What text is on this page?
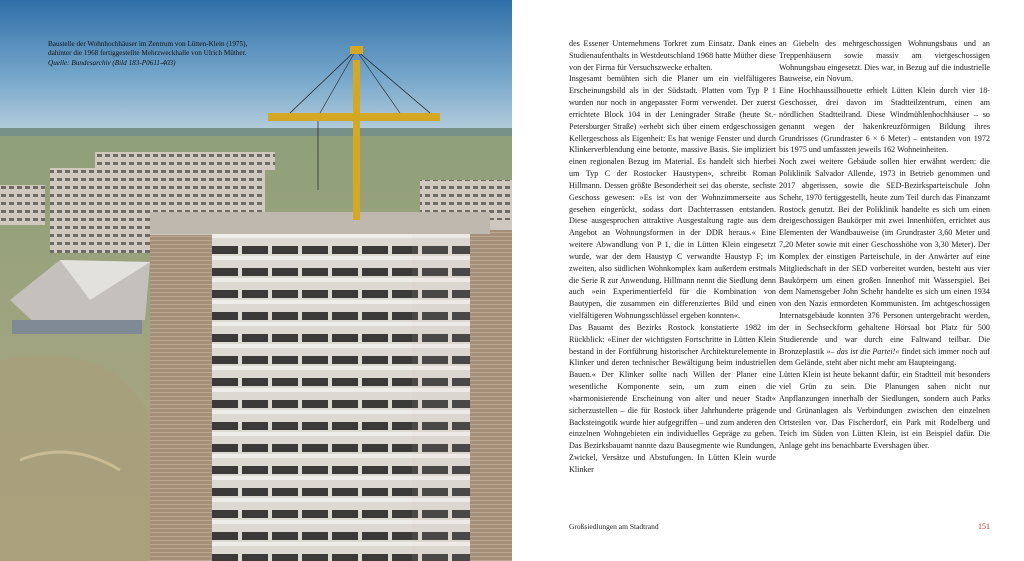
Baustelle der Wohnhochhäuser im Zentrum von Lütten-Klein (1975),
dahinter die 1968 fertiggestellte Mehrzweckhalle von Ulrich Müther.
Quelle: Bundesarchiv (Bild 183-P0611-403)

des Essener Unternehmens Torkret zum Einsatz. Dank eines Studienaufenthalts in Westdeutschland 1968 hatte Müther diese von der Firma für Versuchszwecke erhalten.

Insgesamt bemühten sich die Planer um ein vielfältigeres Erscheinungsbild als in der Südstadt. Platten vom Typ P 1 wurden nur noch in angepasster Form verwendet. Der zuerst errichtete Block 104 in der Leningrader Straße (heute St.-Petersburger Straße) »erhebt sich über einem erdgeschossigen Kellergeschoss als Eigenheit: Es hat wenige Fenster und durch Klinkerverblendung eine betonte, massive Basis. Sie impliziert einen regionalen Bezug im Material. Es handelt sich hierbei um Typ C der Rostocker Haustypen«, schreibt Roman Hillmann. Dessen größte Besonderheit sei das oberste, sechste Geschoss gewesen: »Es ist von der Wohnzimmerseite aus gesehen eingerückt, sodass dort Dachterrassen entstanden. Diese ausgesprochen attraktive Ausgestaltung ragte aus dem Angebot an Wohnungsformen in der DDR heraus.« Eine weitere Abwandlung von P 1, die in Lütten Klein eingesetzt wurde, war der dem Haustyp C verwandte Haustyp F; im zweiten, also südlichen Wohnkomplex kam außerdem erstmals die Serie R zur Anwendung. Hillmann nennt die Siedlung denn auch »ein Experimentierfeld für die Kombination von Bautypen, die zusammen ein differenziertes Bild und einen vielfältigeren Wohnungsschlüssel ergeben konnten«.

Das Bauamt des Bezirks Rostock konstatierte 1982 im Rückblick: »Einer der wichtigsten Fortschritte in Lütten Klein bestand in der Fortführung historischer Architekturelemente in Klinker und deren technischer Bewältigung beim industriellen Bauen.« Der Klinker sollte nach Willen der Planer eine wesentliche Komponente sein, um zum einen die »harmonisierende Erscheinung von alter und neuer Stadt« sicherzustellen – die für Rostock über Jahrhunderte prägende Backsteingotik wurde hier aufgegriffen – und zum anderen den einzelnen Wohngebieten ein individuelles Gepräge zu geben. Das Bezirksbauamt nannte dazu Bausegmente wie Rundungen, Zwickel, Versätze und Abstufungen. In Lütten Klein wurde Klinker

an Giebeln des mehrgeschossigen Wohnungsbaus und an Treppenhäusern sowie massiv am viergeschossigen Wohnungsbau eingesetzt. Dies war, in Bezug auf die industrielle Bauweise, ein Novum.

Eine Hochhaussilhouette erhielt Lütten Klein durch vier 18-Geschosser, drei davon im Stadtteilzentrum, einen am nördlichen Stadtteilrand. Diese Windmühlenhochhäuser – so genannt wegen der hakenkreuzförmigen Bildung ihres Grundrisses (Grundraster 6 × 6 Meter) – entstanden von 1972 bis 1975 und umfassten jeweils 162 Wohneinheiten.

Noch zwei weitere Gebäude sollen hier erwähnt werden: die Poliklinik Salvador Allende, 1973 in Betrieb genommen und 2017 abgerissen, sowie die SED-Bezirksparteischule John Schehr, 1970 fertiggestellt, heute zum Teil durch das Finanzamt Rostock genutzt. Bei der Poliklinik handelte es sich um einen dreigeschossigen Baukörper mit zwei Innenhöfen, errichtet aus Elementen der Wandbauweise (im Grundraster 3,60 Meter und 7,20 Meter sowie mit einer Geschosshöhe von 3,30 Meter). Der Komplex der einstigen Parteischule, in der Anwärter auf eine Mitgliedschaft in der SED vorbereitet wurden, besteht aus vier Baukörpern um einen großen Innenhof mit Wasserspiel. Bei dem Namensgeber John Schehr handelte es sich um einen 1934 von den Nazis ermordeten Kommunisten. Im achtgeschossigen Internatsgebäude konnten 376 Personen untergebracht werden, der in Sechseckform gehaltene Hörsaal bot Platz für 500 Studierende und war durch eine Faltwand teilbar. Die Bronzeplastik »– das ist die Partei!« findet sich immer noch auf dem Gelände, steht aber nicht mehr am Haupteingang.

Lütten Klein ist heute bekannt dafür, ein Stadtteil mit besonders viel Grün zu sein. Die Planungen sahen nicht nur Anpflanzungen innerhalb der Siedlungen, sondern auch Parks und Grünanlagen als Verbindungen zwischen den einzelnen Ortsteilen vor. Das Fischerdorf, ein Park mit Rodelberg und Teich im Süden von Lütten Klein, ist ein Beispiel dafür. Die Anlage geht ins benachbarte Evershagen über.

Großsiedlungen am Stadtrand	151
